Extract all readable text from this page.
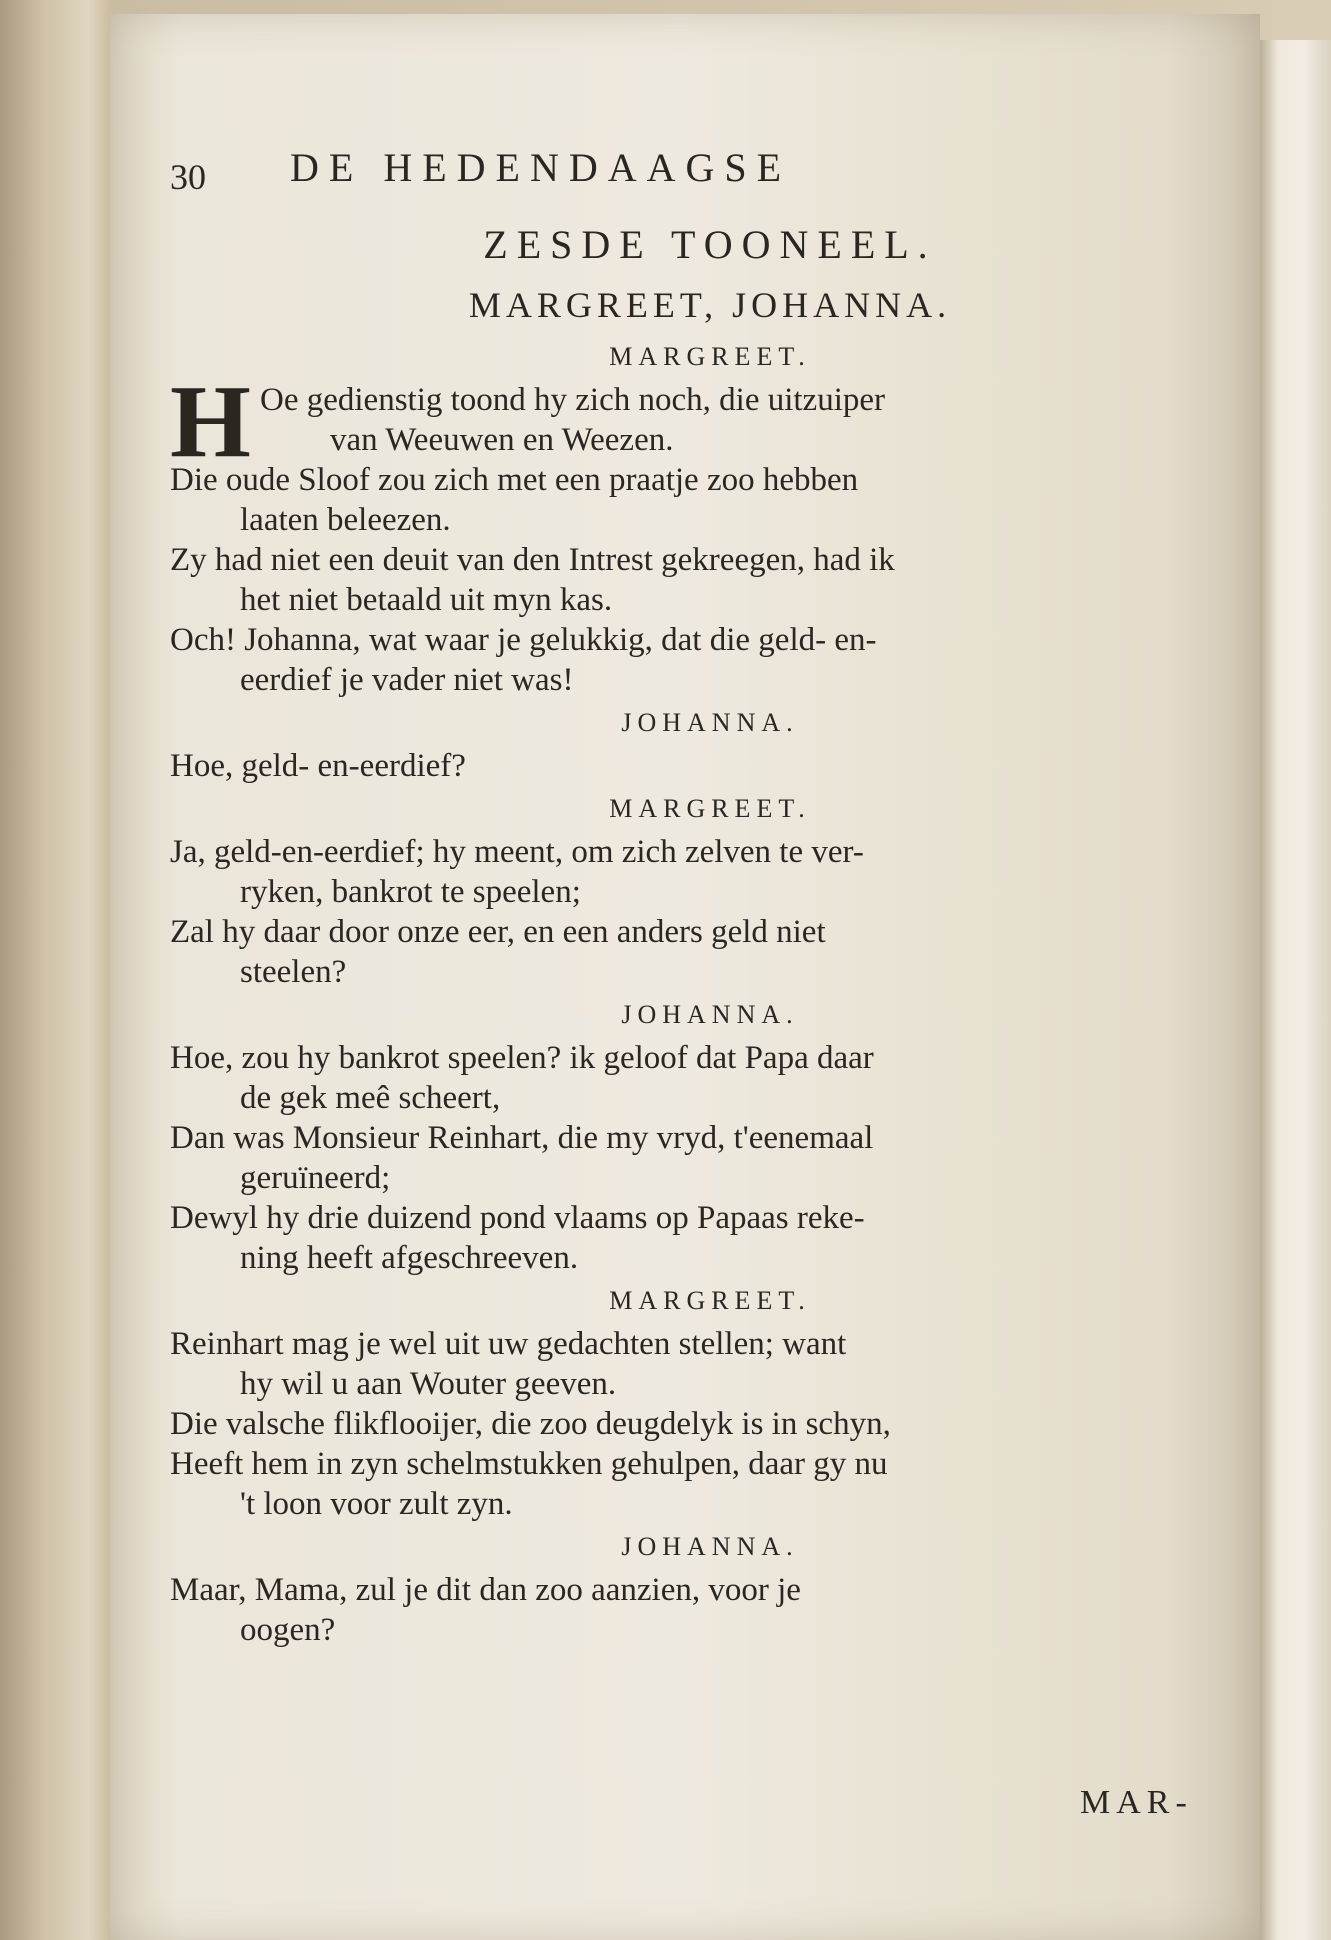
30 DE HEDENDAAGSE
ZESDE TOONEEL.
MARGREET, JOHANNA.
MARGREET.

H Oe gedienstig toond hy zich noch, die uitzuiper
van Weeuwen en Weezen.

Die oude Sloof zou zich met een praatje zoo hebben
laaten beleezen.

Zy had niet een deuit van den Intrest gekreegen, had ik
het niet betaald uit myn kas.

Och! Johanna, wat waar je gelukkig, dat die geld- en-
eerdief je vader niet was!

JOHANNA.

Hoe, geld- en-eerdief?

MARGREET.

Ja, geld-en-eerdief; hy meent, om zich zelven te ver-
ryken, bankrot te speelen;

Zal hy daar door onze eer, en een anders geld niet
steelen?

JOHANNA.

Hoe, zou hy bankrot speelen? ik geloof dat Papa daar
de gek meê scheert,

Dan was Monsieur Reinhart, die my vryd, t'eenemaal
geruïneerd;

Dewyl hy drie duizend pond vlaams op Papaas reke-
ning heeft afgeschreeven.

MARGREET.

Reinhart mag je wel uit uw gedachten stellen; want
hy wil u aan Wouter geeven.

Die valsche flikflooijer, die zoo deugdelyk is in schyn,

Heeft hem in zyn schelmstukken gehulpen, daar gy nu
't loon voor zult zyn.

JOHANNA.

Maar, Mama, zul je dit dan zoo aanzien, voor je
oogen?

MAR-
